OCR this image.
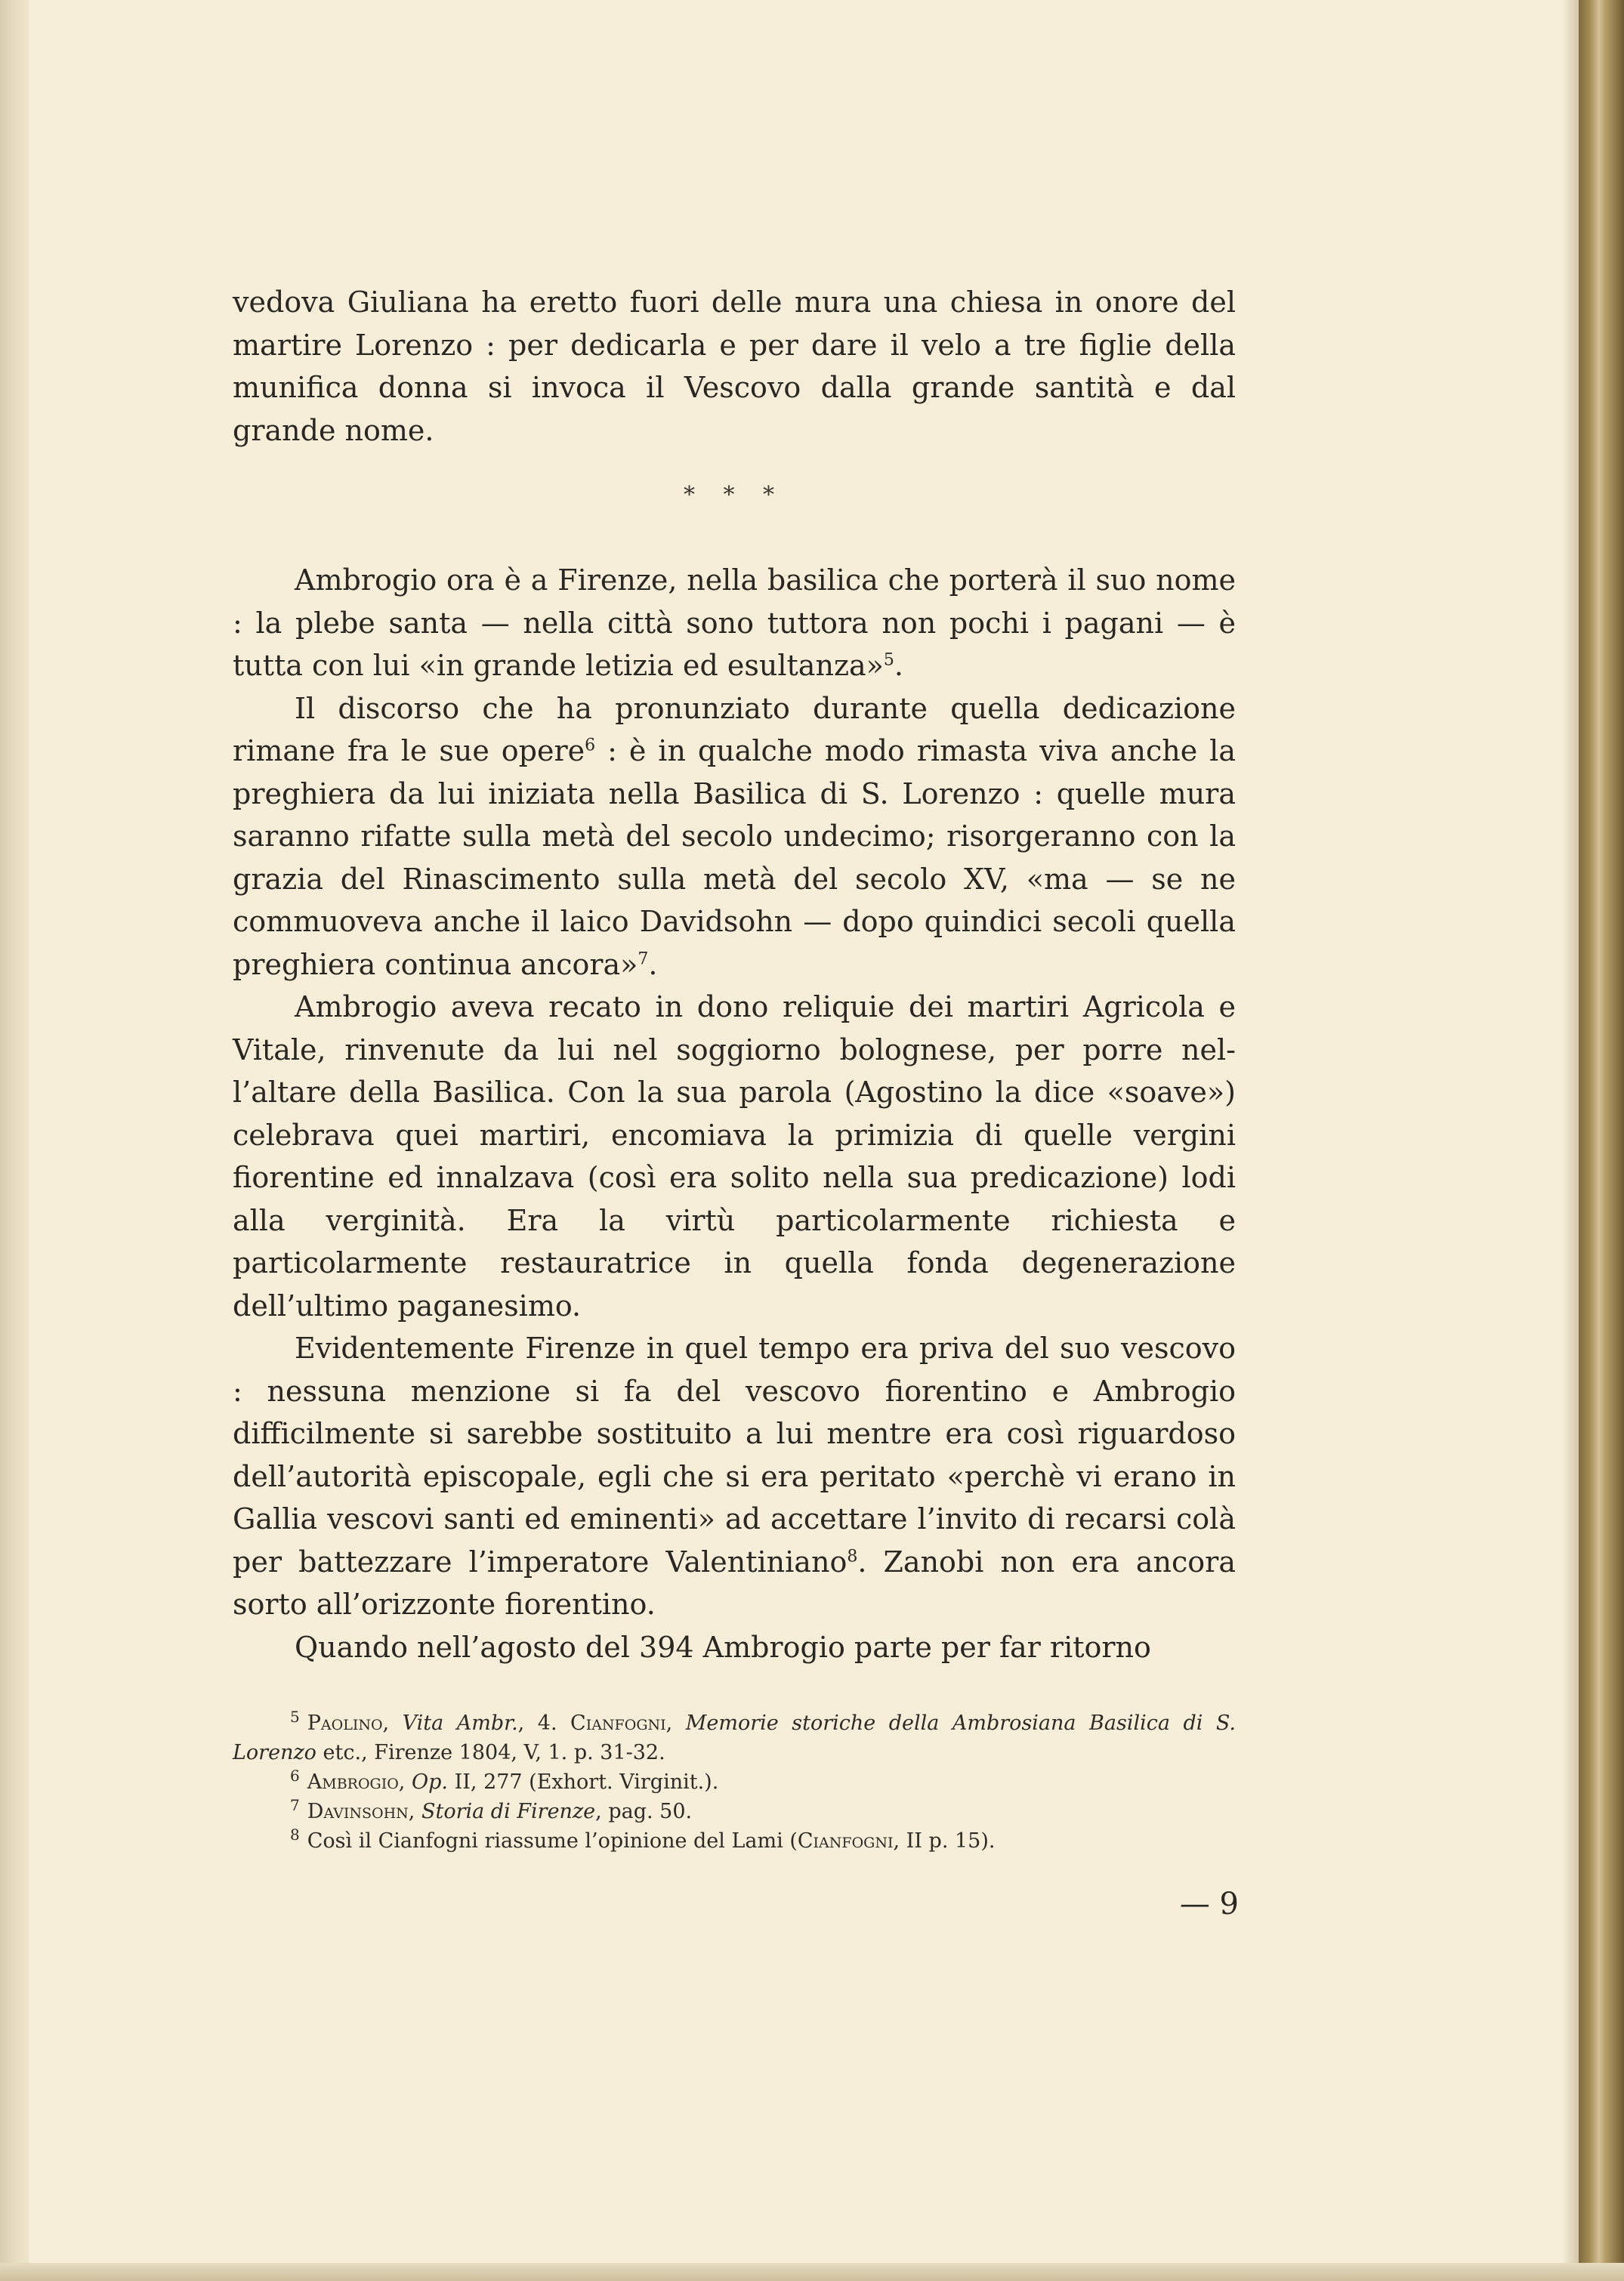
vedova Giuliana ha eretto fuori delle mura una chiesa in onore del martire Lorenzo : per dedicarla e per dare il velo a tre figlie della munifica donna si invoca il Vescovo dalla grande santità e dal grande nome.

* * *

Ambrogio ora è a Firenze, nella basilica che porterà il suo nome : la plebe santa — nella città sono tuttora non pochi i pagani — è tutta con lui «in grande letizia ed esultanza»$^5$.

Il discorso che ha pronunziato durante quella dedicazione rimane fra le sue opere$^6$ : è in qualche modo rimasta viva anche la preghiera da lui iniziata nella Basilica di S. Lorenzo : quelle mura saranno rifatte sulla metà del secolo undecimo; risorgeranno con la grazia del Rinascimento sulla metà del secolo XV, «ma — se ne commuoveva anche il laico Davidsohn — dopo quindici secoli quella preghiera continua ancora»$^7$.

Ambrogio aveva recato in dono reliquie dei martiri Agricola e Vitale, rinvenute da lui nel soggiorno bolognese, per porre nell’altare della Basilica. Con la sua parola (Agostino la dice «soave») celebrava quei martiri, encomiava la primizia di quelle vergini fiorentine ed innalzava (così era solito nella sua predicazione) lodi alla verginità. Era la virtù particolarmente richiesta e particolarmente restauratrice in quella fonda degenerazione dell’ultimo paganesimo.

Evidentemente Firenze in quel tempo era priva del suo vescovo : nessuna menzione si fa del vescovo fiorentino e Ambrogio difficilmente si sarebbe sostituito a lui mentre era così riguardoso dell’autorità episcopale, egli che si era peritato «perchè vi erano in Gallia vescovi santi ed eminenti» ad accettare l’invito di recarsi colà per battezzare l’imperatore Valentiniano$^8$. Zanobi non era ancora sorto all’orizzonte fiorentino.

Quando nell’agosto del 394 Ambrogio parte per far ritorno

$^5$ Paolino, Vita Ambr., 4. Cianfogni, Memorie storiche della Ambrosiana Basilica di S. Lorenzo etc., Firenze 1804, V, 1. p. 31-32.

$^6$ Ambrogio, Op. II, 277 (Exhort. Virginit.).

$^7$ Davinsohn, Storia di Firenze, pag. 50.

$^8$ Così il Cianfogni riassume l’opinione del Lami (Cianfogni, II p. 15).

— 9
